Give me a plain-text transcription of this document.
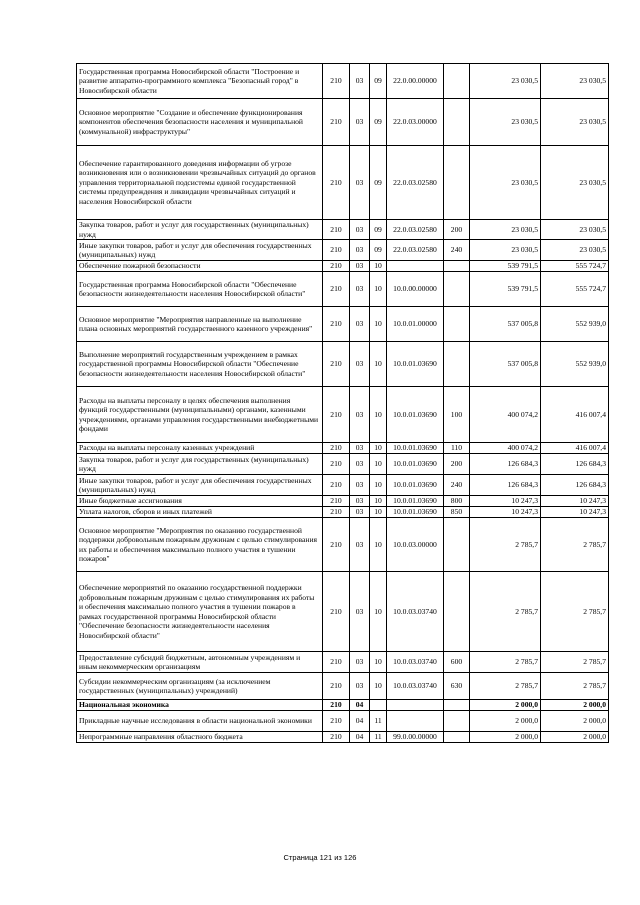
Государственная программа Новосибирской области "Построение и развитие аппаратно-программного комплекса "Безопасный город" в Новосибирской области	210	03	09	22.0.00.00000		23 030,5	23 030,5
Основное мероприятие "Создание и обеспечение функционирования компонентов обеспечения безопасности населения и муниципальной (коммунальной) инфраструктуры"	210	03	09	22.0.03.00000		23 030,5	23 030,5
Обеспечение гарантированного доведения информации об угрозе возникновения или о возникновении чрезвычайных ситуаций до органов управления территориальной подсистемы единой государственной системы предупреждения и ликвидации чрезвычайных ситуаций и населения Новосибирской области	210	03	09	22.0.03.02580		23 030,5	23 030,5
Закупка товаров, работ и услуг для государственных (муниципальных) нужд	210	03	09	22.0.03.02580	200	23 030,5	23 030,5
Иные закупки товаров, работ и услуг для обеспечения государственных (муниципальных) нужд	210	03	09	22.0.03.02580	240	23 030,5	23 030,5
Обеспечение пожарной безопасности	210	03	10			539 791,5	555 724,7
Государственная программа Новосибирской области "Обеспечение безопасности жизнедеятельности населения Новосибирской области"	210	03	10	10.0.00.00000		539 791,5	555 724,7
Основное мероприятие "Мероприятия направленные на выполнение плана основных мероприятий государственного казенного учреждения"	210	03	10	10.0.01.00000		537 005,8	552 939,0
Выполнение мероприятий государственным учреждением в рамках государственной программы Новосибирской области "Обеспечение безопасности жизнедеятельности населения Новосибирской области"	210	03	10	10.0.01.03690		537 005,8	552 939,0
Расходы на выплаты персоналу в целях обеспечения выполнения функций государственными (муниципальными) органами, казенными учреждениями, органами управления государственными внебюджетными фондами	210	03	10	10.0.01.03690	100	400 074,2	416 007,4
Расходы на выплаты персоналу казенных учреждений	210	03	10	10.0.01.03690	110	400 074,2	416 007,4
Закупка товаров, работ и услуг для государственных (муниципальных) нужд	210	03	10	10.0.01.03690	200	126 684,3	126 684,3
Иные закупки товаров, работ и услуг для обеспечения государственных (муниципальных) нужд	210	03	10	10.0.01.03690	240	126 684,3	126 684,3
Иные бюджетные ассигнования	210	03	10	10.0.01.03690	800	10 247,3	10 247,3
Уплата налогов, сборов и иных платежей	210	03	10	10.0.01.03690	850	10 247,3	10 247,3
Основное мероприятие "Мероприятия по оказанию государственной поддержки добровольным пожарным дружинам с целью стимулирования их работы и обеспечения максимально полного участия в тушении пожаров"	210	03	10	10.0.03.00000		2 785,7	2 785,7
Обеспечение мероприятий по оказанию государственной поддержки добровольным пожарным дружинам с целью стимулирования их работы и обеспечения максимально полного участия в тушении пожаров в рамках государственной программы Новосибирской области "Обеспечение безопасности жизнедеятельности населения Новосибирской области"	210	03	10	10.0.03.03740		2 785,7	2 785,7
Предоставление субсидий бюджетным, автономным учреждениям и иным некоммерческим организациям	210	03	10	10.0.03.03740	600	2 785,7	2 785,7
Субсидии некоммерческим организациям (за исключением государственных (муниципальных) учреждений)	210	03	10	10.0.03.03740	630	2 785,7	2 785,7
Национальная экономика	210	04				2 000,0	2 000,0
Прикладные научные исследования в области национальной экономики	210	04	11			2 000,0	2 000,0
Непрограммные направления областного бюджета	210	04	11	99.0.00.00000		2 000,0	2 000,0
Страница 121 из 126
